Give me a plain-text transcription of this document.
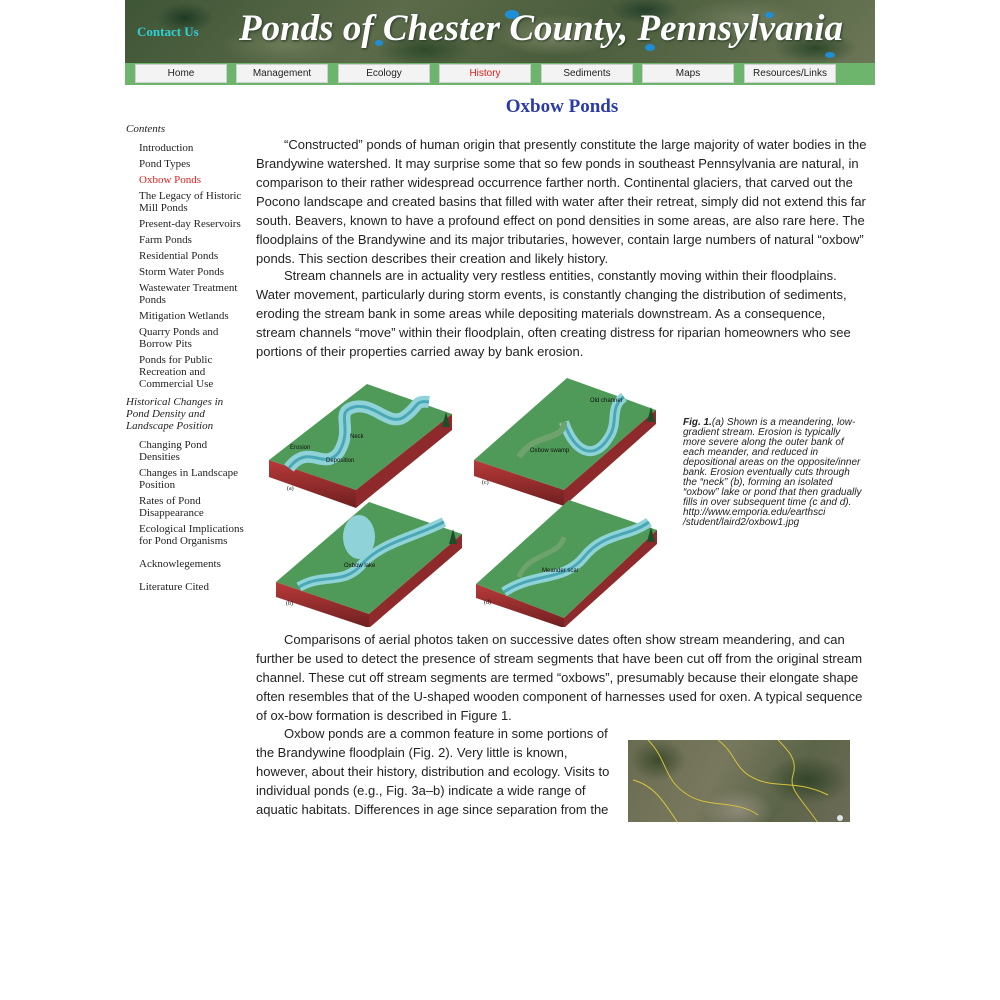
Contact Us Ponds of Chester County, Pennsylvania
Home	Management	Ecology	History	Sediments	Maps	Resources/Links
Contents
Introduction
Pond Types
Oxbow Ponds
The Legacy of Historic Mill Ponds
Present-day Reservoirs
Farm Ponds
Residential Ponds
Storm Water Ponds
Wastewater Treatment Ponds
Mitigation Wetlands
Quarry Ponds and Borrow Pits
Ponds for Public Recreation and Commercial Use
Historical Changes in Pond Density and Landscape Position
Changing Pond Densities
Changes in Landscape Position
Rates of Pond Disappearance
Ecological Implications for Pond Organisms
Acknowlegements
Literature Cited
Oxbow Ponds

“Constructed” ponds of human origin that presently constitute the large majority of water bodies in the Brandywine watershed. It may surprise some that so few ponds in southeast Pennsylvania are natural, in comparison to their rather widespread occurrence farther north. Continental glaciers, that carved out the Pocono landscape and created basins that filled with water after their retreat, simply did not extend this far south. Beavers, known to have a profound effect on pond densities in some areas, are also rare here. The floodplains of the Brandywine and its major tributaries, however, contain large numbers of natural “oxbow” ponds. This section describes their creation and likely history.

Stream channels are in actuality very restless entities, constantly moving within their floodplains. Water movement, particularly during storm events, is constantly changing the distribution of sediments, eroding the stream bank in some areas while depositing materials downstream. As a consequence, stream channels “move” within their floodplain, often creating distress for riparian homeowners who see portions of their properties carried away by bank erosion.

Erosion
Neck
Deposition
(a)
Old channel
Oxbow swamp
(c)
Oxbow lake
(b)
Meander scar
(d)
Fig. 1.(a) Shown is a meandering, low-gradient stream. Erosion is typically more severe along the outer bank of each meander, and reduced in depositional areas on the opposite/inner bank. Erosion eventually cuts through the “neck” (b), forming an isolated “oxbow” lake or pond that then gradually fills in over subsequent time (c and d). http://www.emporia.edu/earthsci /student/laird2/oxbow1.jpg

Comparisons of aerial photos taken on successive dates often show stream meandering, and can further be used to detect the presence of stream segments that have been cut off from the original stream channel. These cut off stream segments are termed “oxbows”, presumably because their elongate shape often resembles that of the U-shaped wooden component of harnesses used for oxen. A typical sequence of ox-bow formation is described in Figure 1.

Oxbow ponds are a common feature in some portions of the Brandywine floodplain (Fig. 2). Very little is known, however, about their history, distribution and ecology. Visits to individual ponds (e.g., Fig. 3a–b) indicate a wide range of aquatic habitats. Differences in age since separation from the
